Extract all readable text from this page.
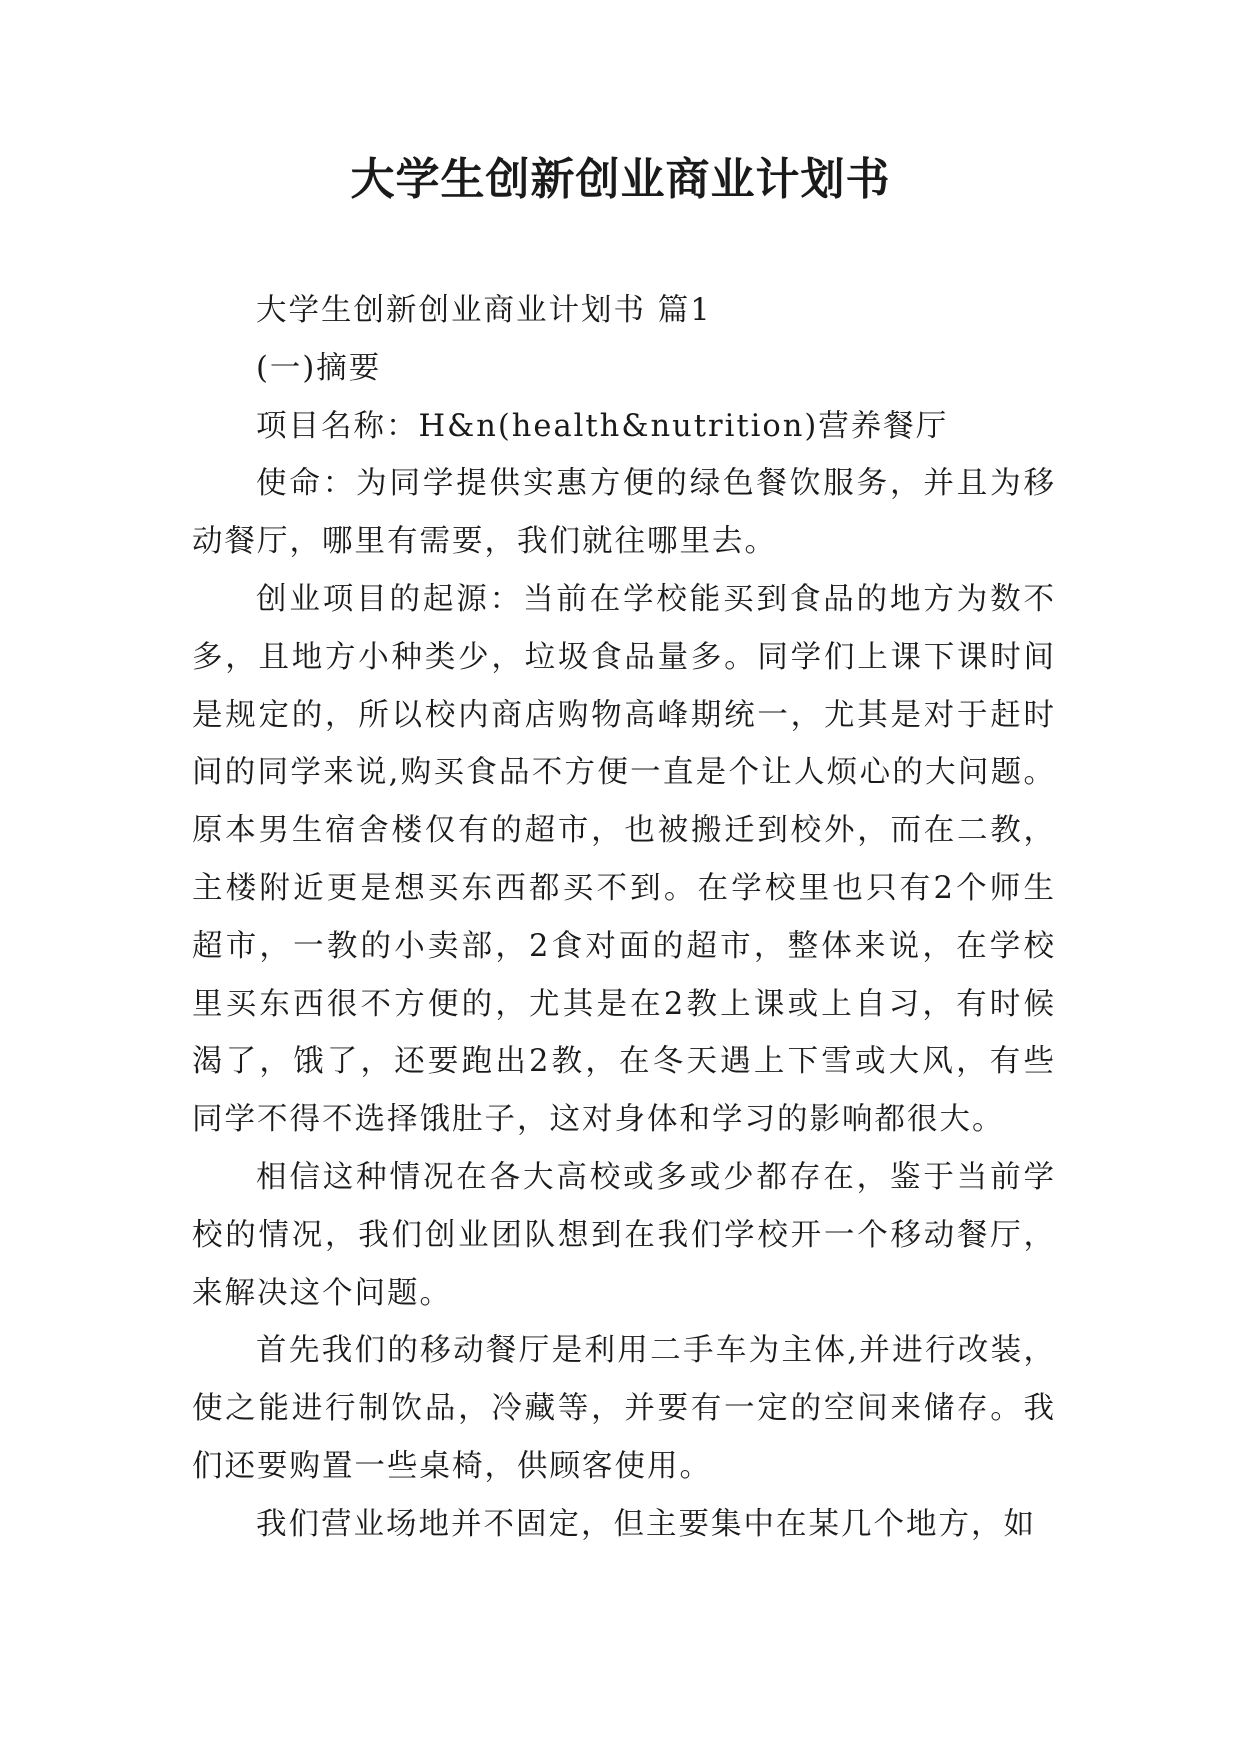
大学生创新创业商业计划书

大学生创新创业商业计划书 篇1

(一)摘要

项目名称：H&n(health&nutrition)营养餐厅

使命：为同学提供实惠方便的绿色餐饮服务，并且为移动餐厅，哪里有需要，我们就往哪里去。

创业项目的起源：当前在学校能买到食品的地方为数不多，且地方小种类少，垃圾食品量多。同学们上课下课时间是规定的，所以校内商店购物高峰期统一，尤其是对于赶时间的同学来说,购买食品不方便一直是个让人烦心的大问题。原本男生宿舍楼仅有的超市，也被搬迁到校外，而在二教，主楼附近更是想买东西都买不到。在学校里也只有2个师生超市，一教的小卖部，2食对面的超市，整体来说，在学校里买东西很不方便的，尤其是在2教上课或上自习，有时候渴了，饿了，还要跑出2教，在冬天遇上下雪或大风，有些同学不得不选择饿肚子，这对身体和学习的影响都很大。

相信这种情况在各大高校或多或少都存在，鉴于当前学校的情况，我们创业团队想到在我们学校开一个移动餐厅，来解决这个问题。

首先我们的移动餐厅是利用二手车为主体,并进行改装，使之能进行制饮品，冷藏等，并要有一定的空间来储存。我们还要购置一些桌椅，供顾客使用。

我们营业场地并不固定，但主要集中在某几个地方，如
